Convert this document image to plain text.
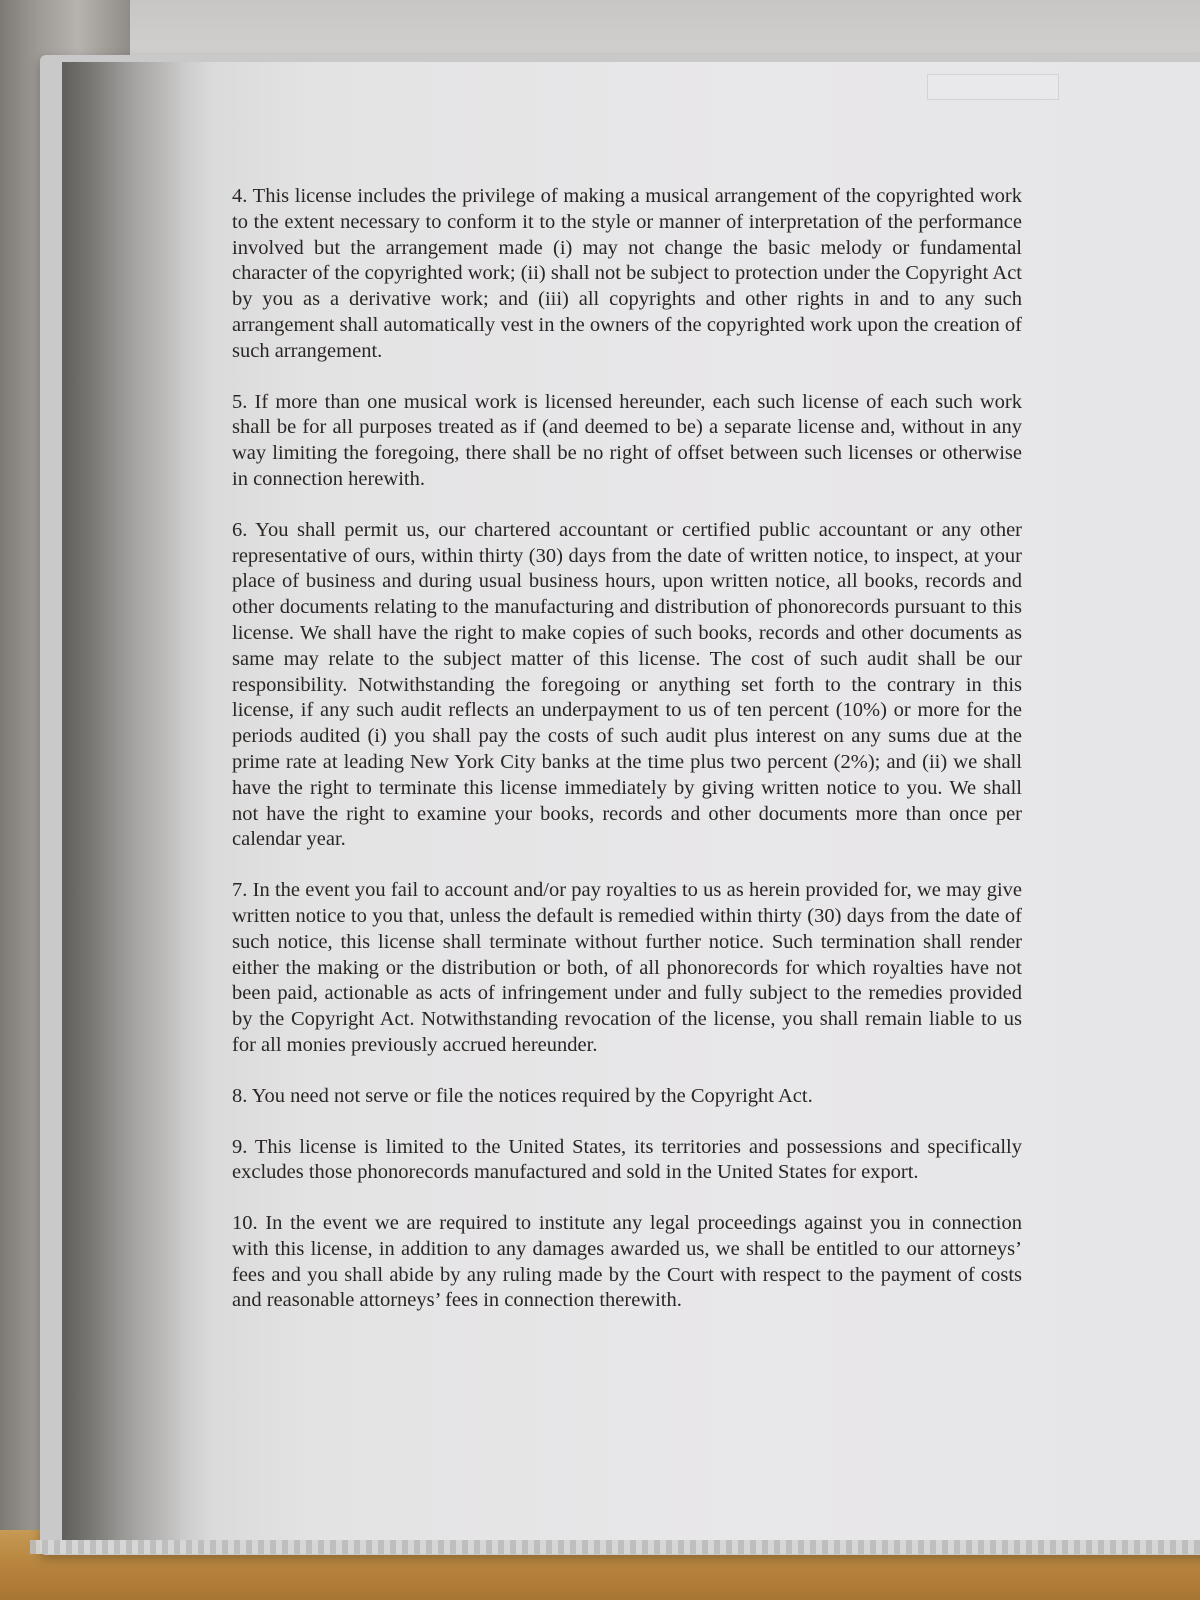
4. This license includes the privilege of making a musical arrangement of the copyrighted work to the extent necessary to conform it to the style or manner of interpretation of the performance involved but the arrangement made (i) may not change the basic melody or fundamental character of the copyrighted work; (ii) shall not be subject to protection under the Copyright Act by you as a derivative work; and (iii) all copyrights and other rights in and to any such arrangement shall automatically vest in the owners of the copyrighted work upon the creation of such arrangement.

5. If more than one musical work is licensed hereunder, each such license of each such work shall be for all purposes treated as if (and deemed to be) a separate license and, without in any way limiting the foregoing, there shall be no right of offset between such licenses or otherwise in connection herewith.

6. You shall permit us, our chartered accountant or certified public accountant or any other representative of ours, within thirty (30) days from the date of written notice, to inspect, at your place of business and during usual business hours, upon written notice, all books, records and other documents relating to the manufacturing and distribution of phonorecords pursuant to this license. We shall have the right to make copies of such books, records and other documents as same may relate to the subject matter of this license. The cost of such audit shall be our responsibility. Notwithstanding the foregoing or anything set forth to the contrary in this license, if any such audit reflects an underpayment to us of ten percent (10%) or more for the periods audited (i) you shall pay the costs of such audit plus interest on any sums due at the prime rate at leading New York City banks at the time plus two percent (2%); and (ii) we shall have the right to terminate this license immediately by giving written notice to you. We shall not have the right to examine your books, records and other documents more than once per calendar year.

7. In the event you fail to account and/or pay royalties to us as herein provided for, we may give written notice to you that, unless the default is remedied within thirty (30) days from the date of such notice, this license shall terminate without further notice. Such termination shall render either the making or the distribution or both, of all phonorecords for which royalties have not been paid, actionable as acts of infringement under and fully subject to the remedies provided by the Copyright Act. Notwithstanding revocation of the license, you shall remain liable to us for all monies previously accrued hereunder.

8. You need not serve or file the notices required by the Copyright Act.

9. This license is limited to the United States, its territories and possessions and specifically excludes those phonorecords manufactured and sold in the United States for export.

10. In the event we are required to institute any legal proceedings against you in connection with this license, in addition to any damages awarded us, we shall be entitled to our attorneys’ fees and you shall abide by any ruling made by the Court with respect to the payment of costs and reasonable attorneys’ fees in connection therewith.
